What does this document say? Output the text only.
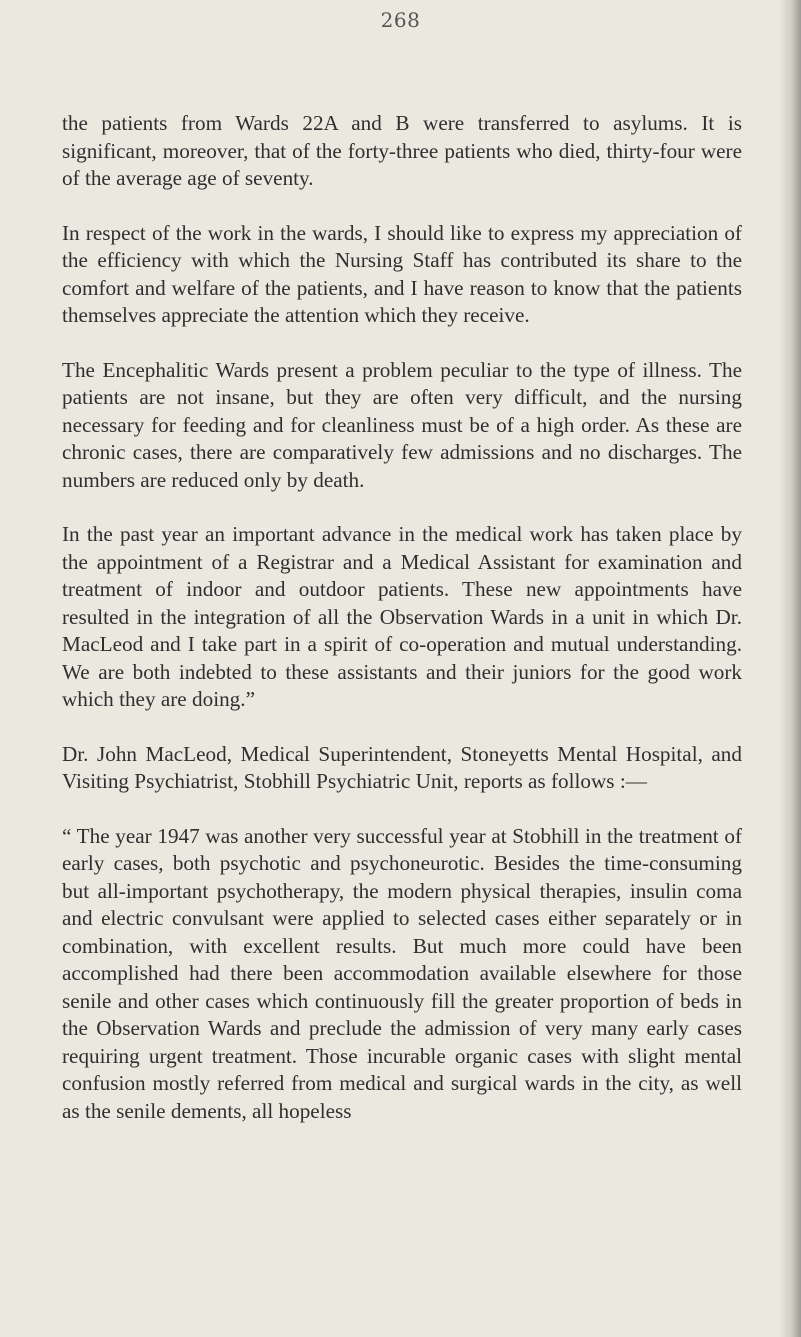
268

the patients from Wards 22A and B were transferred to asylums. It is significant, moreover, that of the forty-three patients who died, thirty-four were of the average age of seventy.

In respect of the work in the wards, I should like to express my appreciation of the efficiency with which the Nursing Staff has contributed its share to the comfort and welfare of the patients, and I have reason to know that the patients themselves appreciate the attention which they receive.

The Encephalitic Wards present a problem peculiar to the type of illness. The patients are not insane, but they are often very difficult, and the nursing necessary for feeding and for cleanliness must be of a high order. As these are chronic cases, there are comparatively few admissions and no discharges. The numbers are reduced only by death.

In the past year an important advance in the medical work has taken place by the appointment of a Registrar and a Medical Assistant for examination and treatment of indoor and outdoor patients. These new appointments have resulted in the integration of all the Observation Wards in a unit in which Dr. MacLeod and I take part in a spirit of co-operation and mutual understanding. We are both indebted to these assistants and their juniors for the good work which they are doing.”

Dr. John MacLeod, Medical Superintendent, Stoneyetts Mental Hospital, and Visiting Psychiatrist, Stobhill Psychiatric Unit, reports as follows :—

“ The year 1947 was another very successful year at Stobhill in the treatment of early cases, both psychotic and psychoneurotic. Besides the time-consuming but all-important psychotherapy, the modern physical therapies, insulin coma and electric convulsant were applied to selected cases either separately or in combination, with excellent results. But much more could have been accomplished had there been accommodation available elsewhere for those senile and other cases which continuously fill the greater proportion of beds in the Observation Wards and preclude the admission of very many early cases requiring urgent treatment. Those incurable organic cases with slight mental confusion mostly referred from medical and surgical wards in the city, as well as the senile dements, all hopeless
